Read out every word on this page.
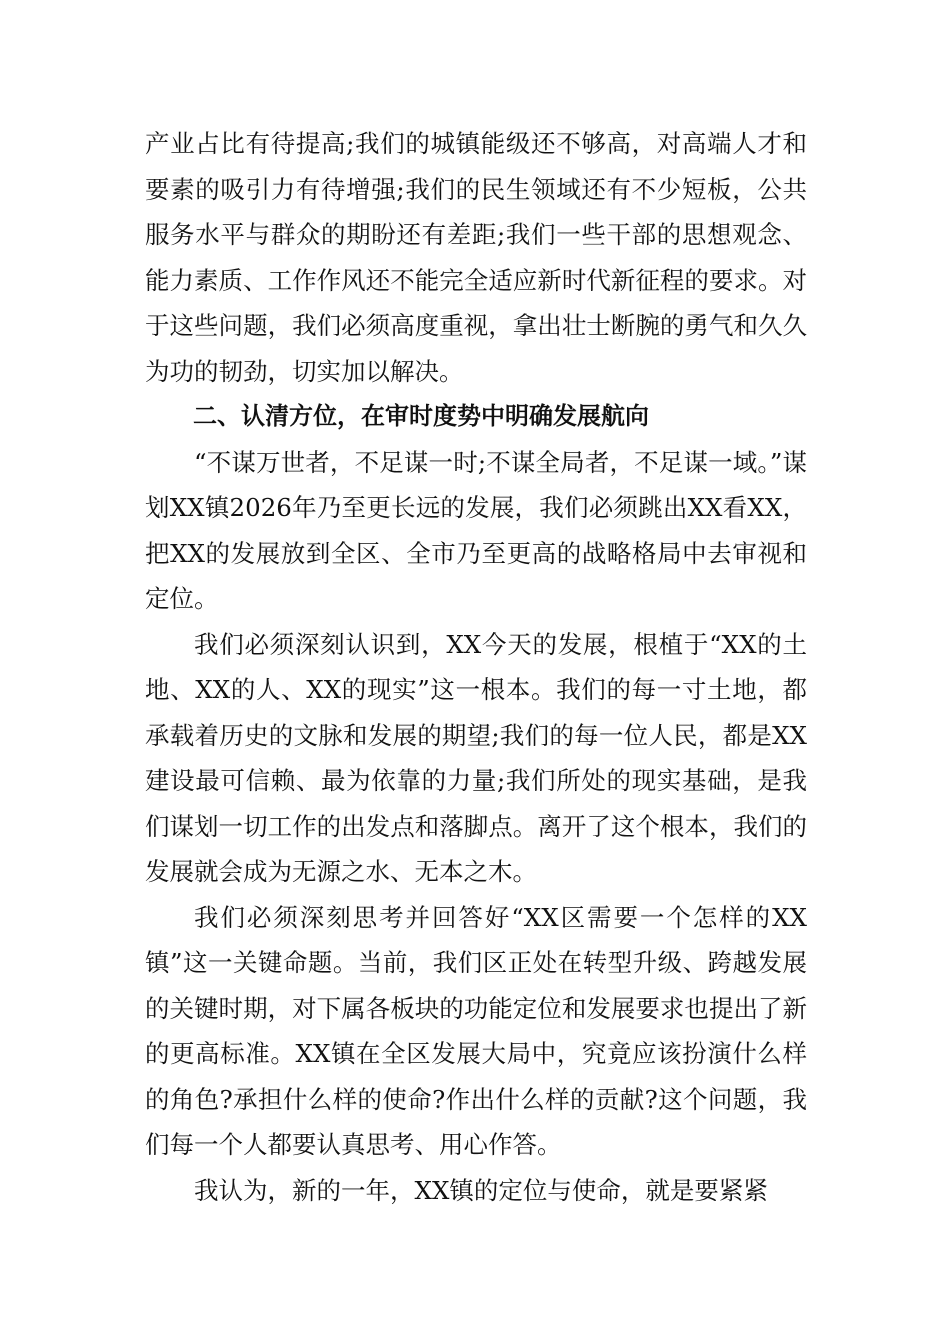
产业占比有待提高;我们的城镇能级还不够高，对高端人才和要素的吸引力有待增强;我们的民生领域还有不少短板，公共服务水平与群众的期盼还有差距;我们一些干部的思想观念、能力素质、工作作风还不能完全适应新时代新征程的要求。对于这些问题，我们必须高度重视，拿出壮士断腕的勇气和久久为功的韧劲，切实加以解决。

二、认清方位，在审时度势中明确发展航向

“不谋万世者，不足谋一时;不谋全局者，不足谋一域。”谋划XX镇2026年乃至更长远的发展，我们必须跳出XX看XX，把XX的发展放到全区、全市乃至更高的战略格局中去审视和定位。

我们必须深刻认识到，XX今天的发展，根植于“XX的土地、XX的人、XX的现实”这一根本。我们的每一寸土地，都承载着历史的文脉和发展的期望;我们的每一位人民，都是XX建设最可信赖、最为依靠的力量;我们所处的现实基础，是我们谋划一切工作的出发点和落脚点。离开了这个根本，我们的发展就会成为无源之水、无本之木。

我们必须深刻思考并回答好“XX区需要一个怎样的XX镇”这一关键命题。当前，我们区正处在转型升级、跨越发展的关键时期，对下属各板块的功能定位和发展要求也提出了新的更高标准。XX镇在全区发展大局中，究竟应该扮演什么样的角色?承担什么样的使命?作出什么样的贡献?这个问题，我们每一个人都要认真思考、用心作答。

我认为，新的一年，XX镇的定位与使命，就是要紧紧
